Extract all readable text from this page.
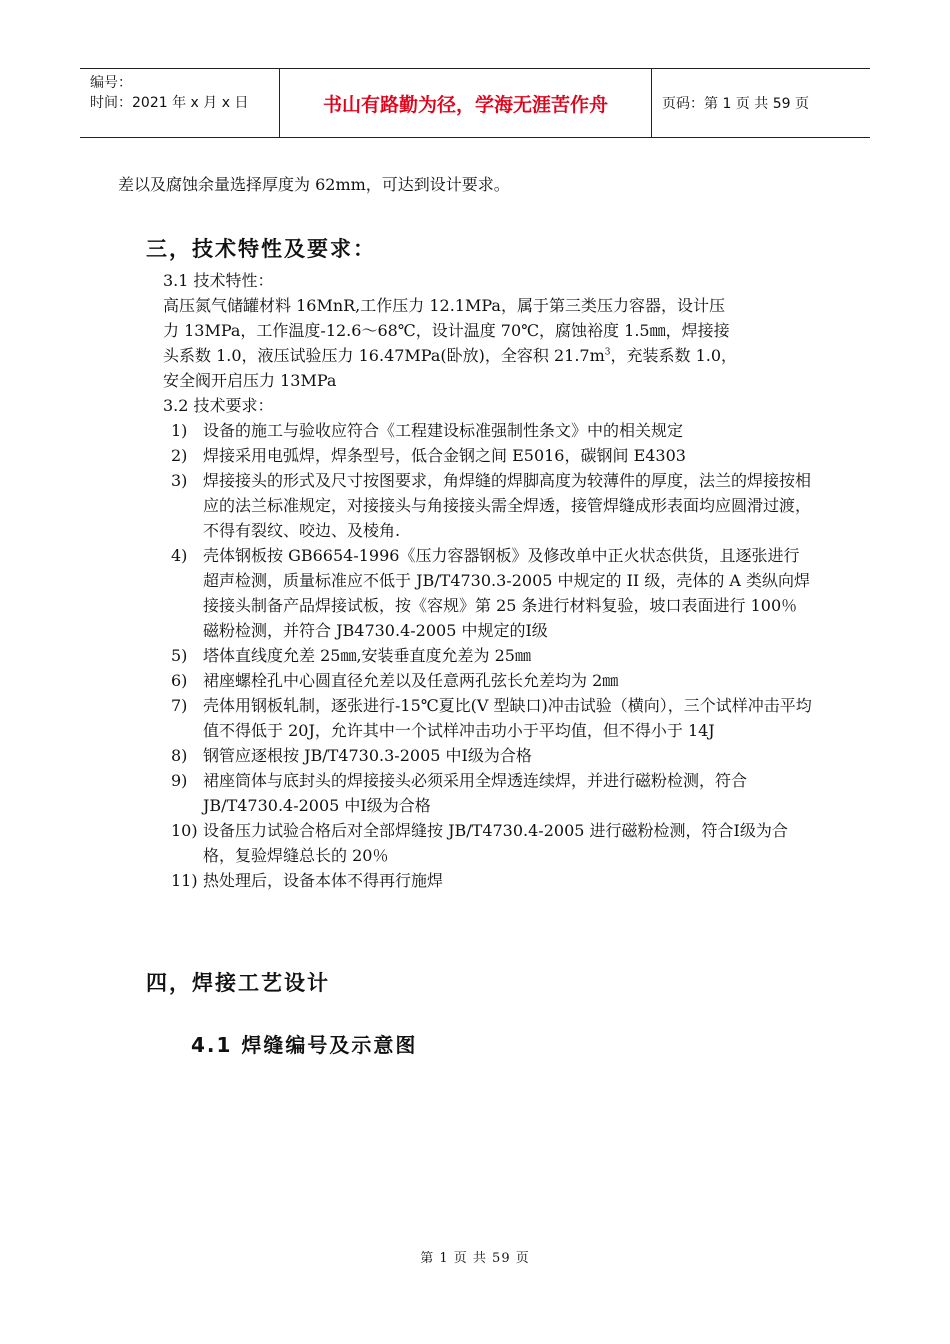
编号：
时间：2021 年 x 月 x 日	书山有路勤为径，学海无涯苦作舟	页码：第 1 页 共 59 页
差以及腐蚀余量选择厚度为 62mm，可达到设计要求。
三，技术特性及要求：
3.1 技术特性：
高压氮气储罐材料 16MnR,工作压力 12.1MPa，属于第三类压力容器，设计压
力 13MPa，工作温度-12.6～68℃，设计温度 70℃，腐蚀裕度 1.5㎜，焊接接
头系数 1.0，液压试验压力 16.47MPa(卧放)，全容积 $21.7m^3$，充装系数 1.0，
安全阀开启压力 13MPa
3.2 技术要求：
1) 设备的施工与验收应符合《工程建设标准强制性条文》中的相关规定
2) 焊接采用电弧焊，焊条型号，低合金钢之间 E5016，碳钢间 E4303
3) 焊接接头的形式及尺寸按图要求，角焊缝的焊脚高度为较薄件的厚度，法兰的焊接按相应的法兰标准规定，对接接头与角接接头需全焊透，接管焊缝成形表面均应圆滑过渡，不得有裂纹、咬边、及棱角.
4) 壳体钢板按 GB6654-1996《压力容器钢板》及修改单中正火状态供货，且逐张进行超声检测，质量标准应不低于 JB/T4730.3-2005 中规定的 II 级，壳体的 A 类纵向焊接接头制备产品焊接试板，按《容规》第 25 条进行材料复验，坡口表面进行 100％磁粉检测，并符合 JB4730.4-2005 中规定的Ⅰ级
5) 塔体直线度允差 25㎜,安装垂直度允差为 25㎜
6) 裙座螺栓孔中心圆直径允差以及任意两孔弦长允差均为 2㎜
7) 壳体用钢板轧制，逐张进行-15℃夏比(V 型缺口)冲击试验（横向），三个试样冲击平均值不得低于 20J，允许其中一个试样冲击功小于平均值，但不得小于 14J
8) 钢管应逐根按 JB/T4730.3-2005 中Ⅰ级为合格
9) 裙座筒体与底封头的焊接接头必须采用全焊透连续焊，并进行磁粉检测，符合 JB/T4730.4-2005 中Ⅰ级为合格
10) 设备压力试验合格后对全部焊缝按 JB/T4730.4-2005 进行磁粉检测，符合Ⅰ级为合格，复验焊缝总长的 20％
11) 热处理后，设备本体不得再行施焊
四，焊接工艺设计
4.1 焊缝编号及示意图
第 1 页 共 59 页
